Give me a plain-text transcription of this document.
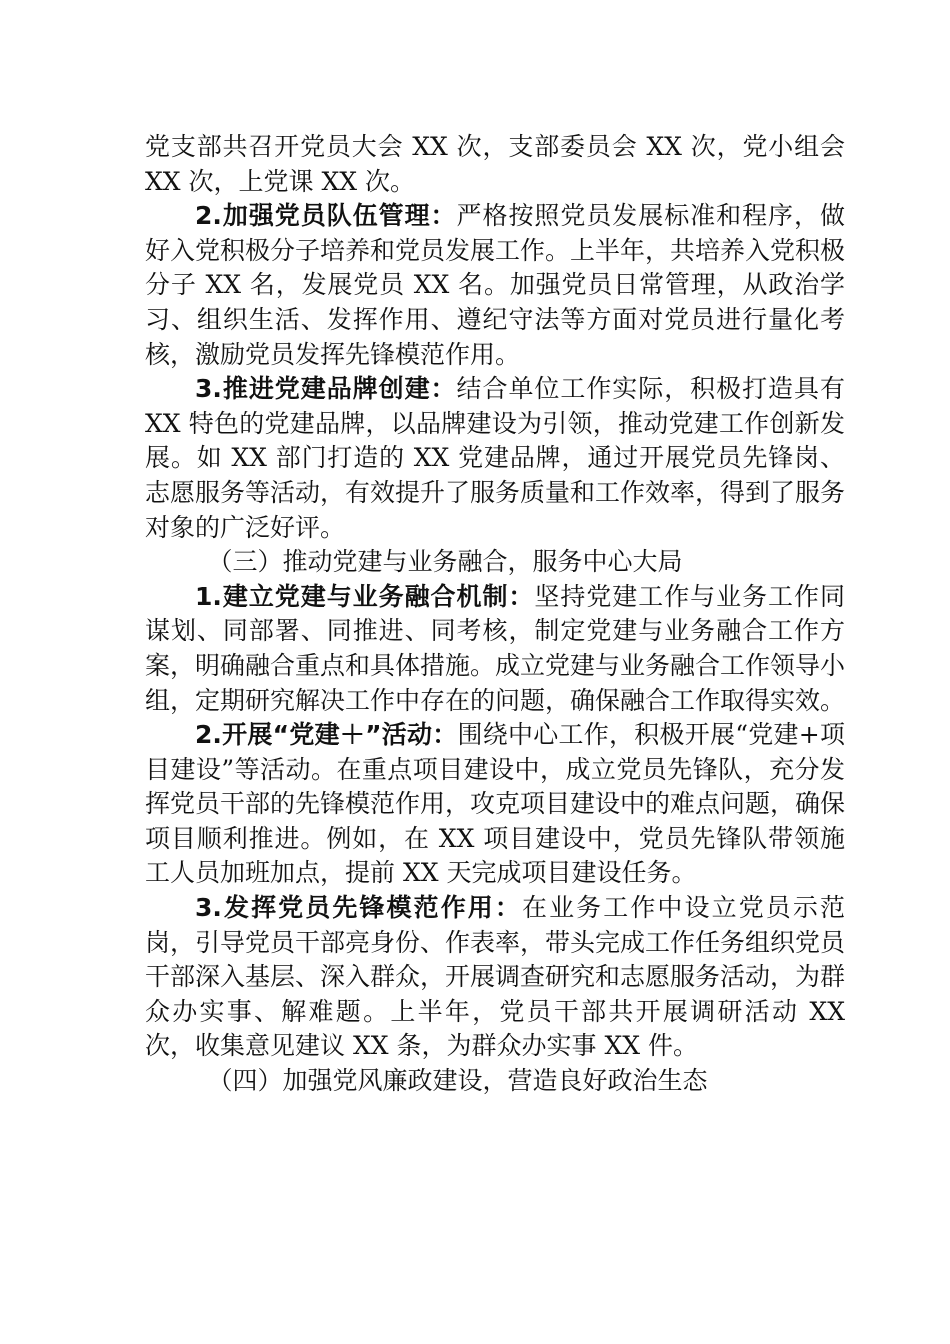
党支部共召开党员大会 XX 次，支部委员会 XX 次，党小组会 XX 次，上党课 XX 次。

2.加强党员队伍管理：严格按照党员发展标准和程序，做好入党积极分子培养和党员发展工作。上半年，共培养入党积极分子 XX 名，发展党员 XX 名。加强党员日常管理，从政治学习、组织生活、发挥作用、遵纪守法等方面对党员进行量化考核，激励党员发挥先锋模范作用。

3.推进党建品牌创建：结合单位工作实际，积极打造具有 XX 特色的党建品牌，以品牌建设为引领，推动党建工作创新发展。如 XX 部门打造的 XX 党建品牌，通过开展党员先锋岗、志愿服务等活动，有效提升了服务质量和工作效率，得到了服务对象的广泛好评。

（三）推动党建与业务融合，服务中心大局

1.建立党建与业务融合机制：坚持党建工作与业务工作同谋划、同部署、同推进、同考核，制定党建与业务融合工作方案，明确融合重点和具体措施。成立党建与业务融合工作领导小组，定期研究解决工作中存在的问题，确保融合工作取得实效。

2.开展“党建＋”活动：围绕中心工作，积极开展“党建+项目建设”等活动。在重点项目建设中，成立党员先锋队，充分发挥党员干部的先锋模范作用，攻克项目建设中的难点问题，确保项目顺利推进。例如，在 XX 项目建设中，党员先锋队带领施工人员加班加点，提前 XX 天完成项目建设任务。

3.发挥党员先锋模范作用：在业务工作中设立党员示范岗，引导党员干部亮身份、作表率，带头完成工作任务组织党员干部深入基层、深入群众，开展调查研究和志愿服务活动，为群众办实事、解难题。上半年，党员干部共开展调研活动 XX 次，收集意见建议 XX 条，为群众办实事 XX 件。

（四）加强党风廉政建设，营造良好政治生态
